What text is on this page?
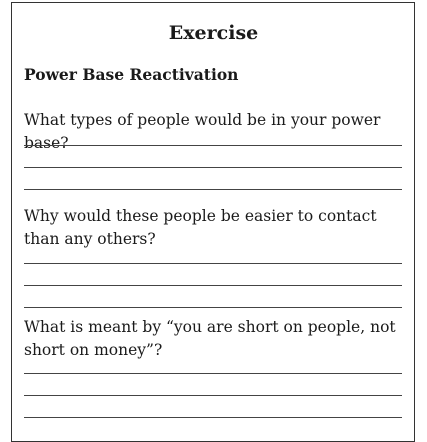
Exercise
Power Base Reactivation
What types of people would be in your power base?
Why would these people be easier to contact than any others?
What is meant by “you are short on people, not short on money”?
